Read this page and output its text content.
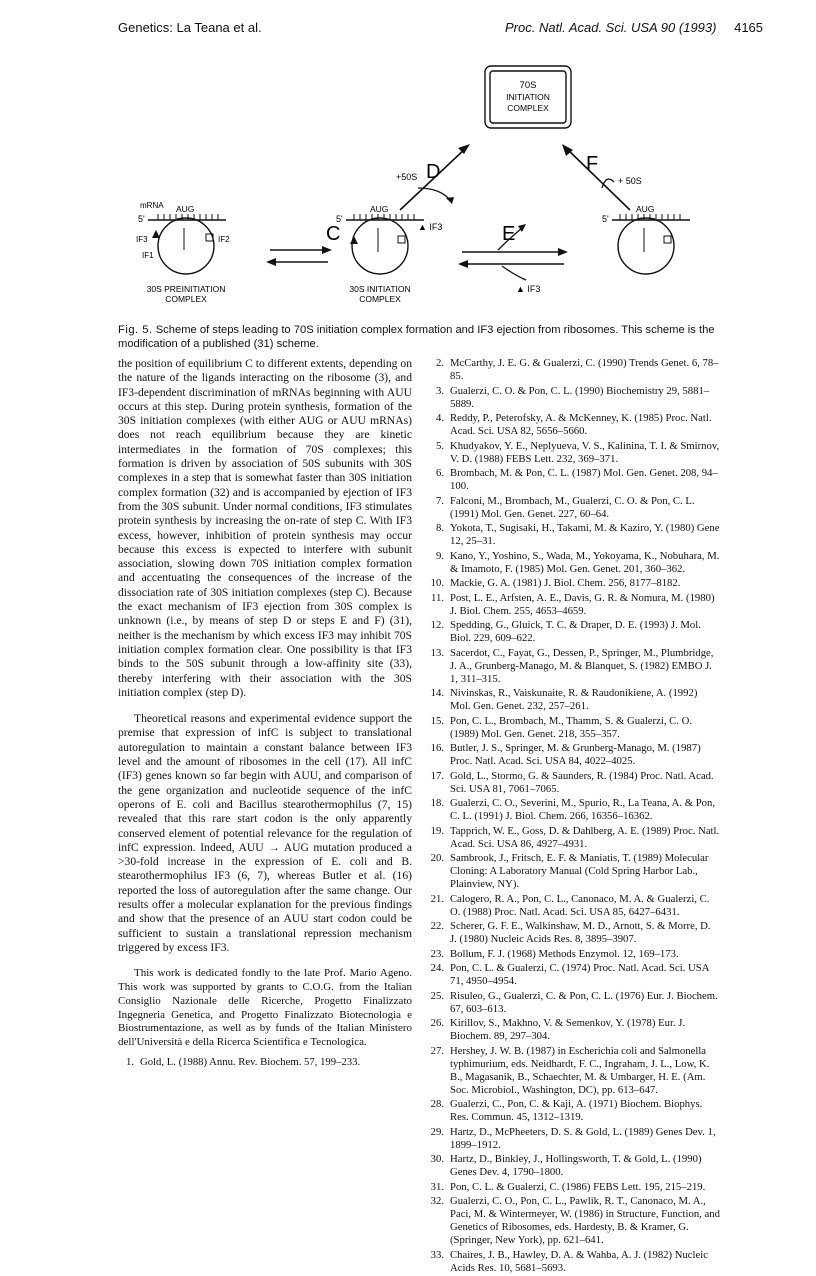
Genetics: La Teana et al.	Proc. Natl. Acad. Sci. USA 90 (1993) 4165
70S
INITIATION
COMPLEX
D
+50S
▲ IF3
F
+ 50S
C	E
▲ IF3
mRNA
5'
AUG
IF3	IF2
IF1
30S PREINITIATION
COMPLEX
5'
AUG
30S INITIATION
COMPLEX
5'
AUG
Fig. 5. Scheme of steps leading to 70S initiation complex formation and IF3 ejection from ribosomes. This scheme is the modification of a published (31) scheme.

the position of equilibrium C to different extents, depending on the nature of the ligands interacting on the ribosome (3), and IF3-dependent discrimination of mRNAs beginning with AUU occurs at this step. During protein synthesis, formation of the 30S initiation complexes (with either AUG or AUU mRNAs) does not reach equilibrium because they are kinetic intermediates in the formation of 70S complexes; this formation is driven by association of 50S subunits with 30S complexes in a step that is somewhat faster than 30S initiation complex formation (32) and is accompanied by ejection of IF3 from the 30S subunit. Under normal conditions, IF3 stimulates protein synthesis by increasing the on-rate of step C. With IF3 excess, however, inhibition of protein synthesis may occur because this excess is expected to interfere with subunit association, slowing down 70S initiation complex formation and accentuating the consequences of the increase of the dissociation rate of 30S initiation complexes (step C). Because the exact mechanism of IF3 ejection from 30S complex is unknown (i.e., by means of step D or steps E and F) (31), neither is the mechanism by which excess IF3 may inhibit 70S initiation complex formation clear. One possibility is that IF3 binds to the 50S subunit through a low-affinity site (33), thereby interfering with their association with the 30S initiation complex (step D).

Theoretical reasons and experimental evidence support the premise that expression of infC is subject to translational autoregulation to maintain a constant balance between IF3 level and the amount of ribosomes in the cell (17). All infC (IF3) genes known so far begin with AUU, and comparison of the gene organization and nucleotide sequence of the infC operons of E. coli and Bacillus stearothermophilus (7, 15) revealed that this rare start codon is the only apparently conserved element of potential relevance for the regulation of infC expression. Indeed, AUU → AUG mutation produced a >30-fold increase in the expression of E. coli and B. stearothermophilus IF3 (6, 7), whereas Butler et al. (16) reported the loss of autoregulation after the same change. Our results offer a molecular explanation for the previous findings and show that the presence of an AUU start codon could be sufficient to sustain a translational repression mechanism triggered by excess IF3.

This work is dedicated fondly to the late Prof. Mario Ageno. This work was supported by grants to C.O.G. from the Italian Consiglio Nazionale delle Ricerche, Progetto Finalizzato Ingegneria Genetica, and Progetto Finalizzato Biotecnologia e Biostrumentazione, as well as by funds of the Italian Ministero dell'Università e della Ricerca Scientifica e Tecnologica.

1. Gold, L. (1988) Annu. Rev. Biochem. 57, 199–233.
2. McCarthy, J. E. G. & Gualerzi, C. (1990) Trends Genet. 6, 78–85.
3. Gualerzi, C. O. & Pon, C. L. (1990) Biochemistry 29, 5881–5889.
4. Reddy, P., Peterofsky, A. & McKenney, K. (1985) Proc. Natl. Acad. Sci. USA 82, 5656–5660.
5. Khudyakov, Y. E., Neplyueva, V. S., Kalinina, T. I. & Smirnov, V. D. (1988) FEBS Lett. 232, 369–371.
6. Brombach, M. & Pon, C. L. (1987) Mol. Gen. Genet. 208, 94–100.
7. Falconi, M., Brombach, M., Gualerzi, C. O. & Pon, C. L. (1991) Mol. Gen. Genet. 227, 60–64.
8. Yokota, T., Sugisaki, H., Takami, M. & Kaziro, Y. (1980) Gene 12, 25–31.
9. Kano, Y., Yoshino, S., Wada, M., Yokoyama, K., Nobuhara, M. & Imamoto, F. (1985) Mol. Gen. Genet. 201, 360–362.
10. Mackie, G. A. (1981) J. Biol. Chem. 256, 8177–8182.
11. Post, L. E., Arfsten, A. E., Davis, G. R. & Nomura, M. (1980) J. Biol. Chem. 255, 4653–4659.
12. Spedding, G., Gluick, T. C. & Draper, D. E. (1993) J. Mol. Biol. 229, 609–622.
13. Sacerdot, C., Fayat, G., Dessen, P., Springer, M., Plumbridge, J. A., Grunberg-Manago, M. & Blanquet, S. (1982) EMBO J. 1, 311–315.
14. Nivinskas, R., Vaiskunaite, R. & Raudonikiene, A. (1992) Mol. Gen. Genet. 232, 257–261.
15. Pon, C. L., Brombach, M., Thamm, S. & Gualerzi, C. O. (1989) Mol. Gen. Genet. 218, 355–357.
16. Butler, J. S., Springer, M. & Grunberg-Manago, M. (1987) Proc. Natl. Acad. Sci. USA 84, 4022–4025.
17. Gold, L., Stormo, G. & Saunders, R. (1984) Proc. Natl. Acad. Sci. USA 81, 7061–7065.
18. Gualerzi, C. O., Severini, M., Spurio, R., La Teana, A. & Pon, C. L. (1991) J. Biol. Chem. 266, 16356–16362.
19. Tapprich, W. E., Goss, D. & Dahlberg, A. E. (1989) Proc. Natl. Acad. Sci. USA 86, 4927–4931.
20. Sambrook, J., Fritsch, E. F. & Maniatis, T. (1989) Molecular Cloning: A Laboratory Manual (Cold Spring Harbor Lab., Plainview, NY).
21. Calogero, R. A., Pon, C. L., Canonaco, M. A. & Gualerzi, C. O. (1988) Proc. Natl. Acad. Sci. USA 85, 6427–6431.
22. Scherer, G. F. E., Walkinshaw, M. D., Arnott, S. & Morre, D. J. (1980) Nucleic Acids Res. 8, 3895–3907.
23. Bollum, F. J. (1968) Methods Enzymol. 12, 169–173.
24. Pon, C. L. & Gualerzi, C. (1974) Proc. Natl. Acad. Sci. USA 71, 4950–4954.
25. Risuleo, G., Gualerzi, C. & Pon, C. L. (1976) Eur. J. Biochem. 67, 603–613.
26. Kirillov, S., Makhno, V. & Semenkov, Y. (1978) Eur. J. Biochem. 89, 297–304.
27. Hershey, J. W. B. (1987) in Escherichia coli and Salmonella typhimurium, eds. Neidhardt, F. C., Ingraham, J. L., Low, K. B., Magasanik, B., Schaechter, M. & Umbarger, H. E. (Am. Soc. Microbiol., Washington, DC), pp. 613–647.
28. Gualerzi, C., Pon, C. & Kaji, A. (1971) Biochem. Biophys. Res. Commun. 45, 1312–1319.
29. Hartz, D., McPheeters, D. S. & Gold, L. (1989) Genes Dev. 1, 1899–1912.
30. Hartz, D., Binkley, J., Hollingsworth, T. & Gold, L. (1990) Genes Dev. 4, 1790–1800.
31. Pon, C. L. & Gualerzi, C. (1986) FEBS Lett. 195, 215–219.
32. Gualerzi, C. O., Pon, C. L., Pawlik, R. T., Canonaco, M. A., Paci, M. & Wintermeyer, W. (1986) in Structure, Function, and Genetics of Ribosomes, eds. Hardesty, B. & Kramer, G. (Springer, New York), pp. 621–641.
33. Chaires, J. B., Hawley, D. A. & Wahba, A. J. (1982) Nucleic Acids Res. 10, 5681–5693.
